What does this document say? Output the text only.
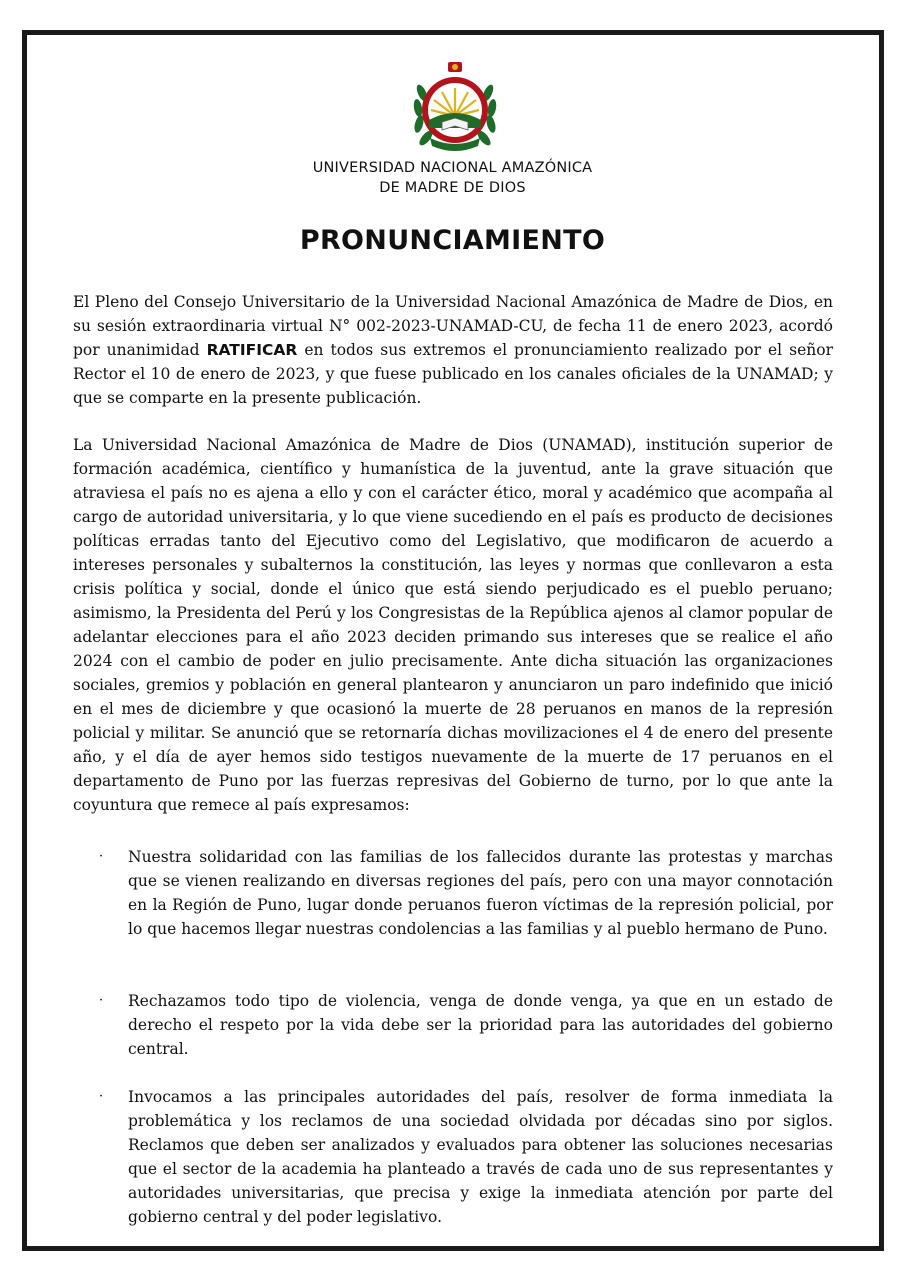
UNIVERSIDAD NACIONAL AMAZÓNICA
DE MADRE DE DIOS
PRONUNCIAMIENTO

El Pleno del Consejo Universitario de la Universidad Nacional Amazónica de Madre de Dios, en su sesión extraordinaria virtual N° 002-2023-UNAMAD-CU, de fecha 11 de enero 2023, acordó por unanimidad RATIFICAR en todos sus extremos el pronunciamiento realizado por el señor Rector el 10 de enero de 2023, y que fuese publicado en los canales oficiales de la UNAMAD; y que se comparte en la presente publicación.

La Universidad Nacional Amazónica de Madre de Dios (UNAMAD), institución superior de formación académica, científico y humanística de la juventud, ante la grave situación que atraviesa el país no es ajena a ello y con el carácter ético, moral y académico que acompaña al cargo de autoridad universitaria, y lo que viene sucediendo en el país es producto de decisiones políticas erradas tanto del Ejecutivo como del Legislativo, que modificaron de acuerdo a intereses personales y subalternos la constitución, las leyes y normas que conllevaron a esta crisis política y social, donde el único que está siendo perjudicado es el pueblo peruano; asimismo, la Presidenta del Perú y los Congresistas de la República ajenos al clamor popular de adelantar elecciones para el año 2023 deciden primando sus intereses que se realice el año 2024 con el cambio de poder en julio precisamente. Ante dicha situación las organizaciones sociales, gremios y población en general plantearon y anunciaron un paro indefinido que inició en el mes de diciembre y que ocasionó la muerte de 28 peruanos en manos de la represión policial y militar. Se anunció que se retornaría dichas movilizaciones el 4 de enero del presente año, y el día de ayer hemos sido testigos nuevamente de la muerte de 17 peruanos en el departamento de Puno por las fuerzas represivas del Gobierno de turno, por lo que ante la coyuntura que remece al país expresamos:

·	Nuestra solidaridad con las familias de los fallecidos durante las protestas y marchas que se vienen realizando en diversas regiones del país, pero con una mayor connotación en la Región de Puno, lugar donde peruanos fueron víctimas de la represión policial, por lo que hacemos llegar nuestras condolencias a las familias y al pueblo hermano de Puno.
·	Rechazamos todo tipo de violencia, venga de donde venga, ya que en un estado de derecho el respeto por la vida debe ser la prioridad para las autoridades del gobierno central.
·	Invocamos a las principales autoridades del país, resolver de forma inmediata la problemática y los reclamos de una sociedad olvidada por décadas sino por siglos. Reclamos que deben ser analizados y evaluados para obtener las soluciones necesarias que el sector de la academia ha planteado a través de cada uno de sus representantes y autoridades universitarias, que precisa y exige la inmediata atención por parte del gobierno central y del poder legislativo.
